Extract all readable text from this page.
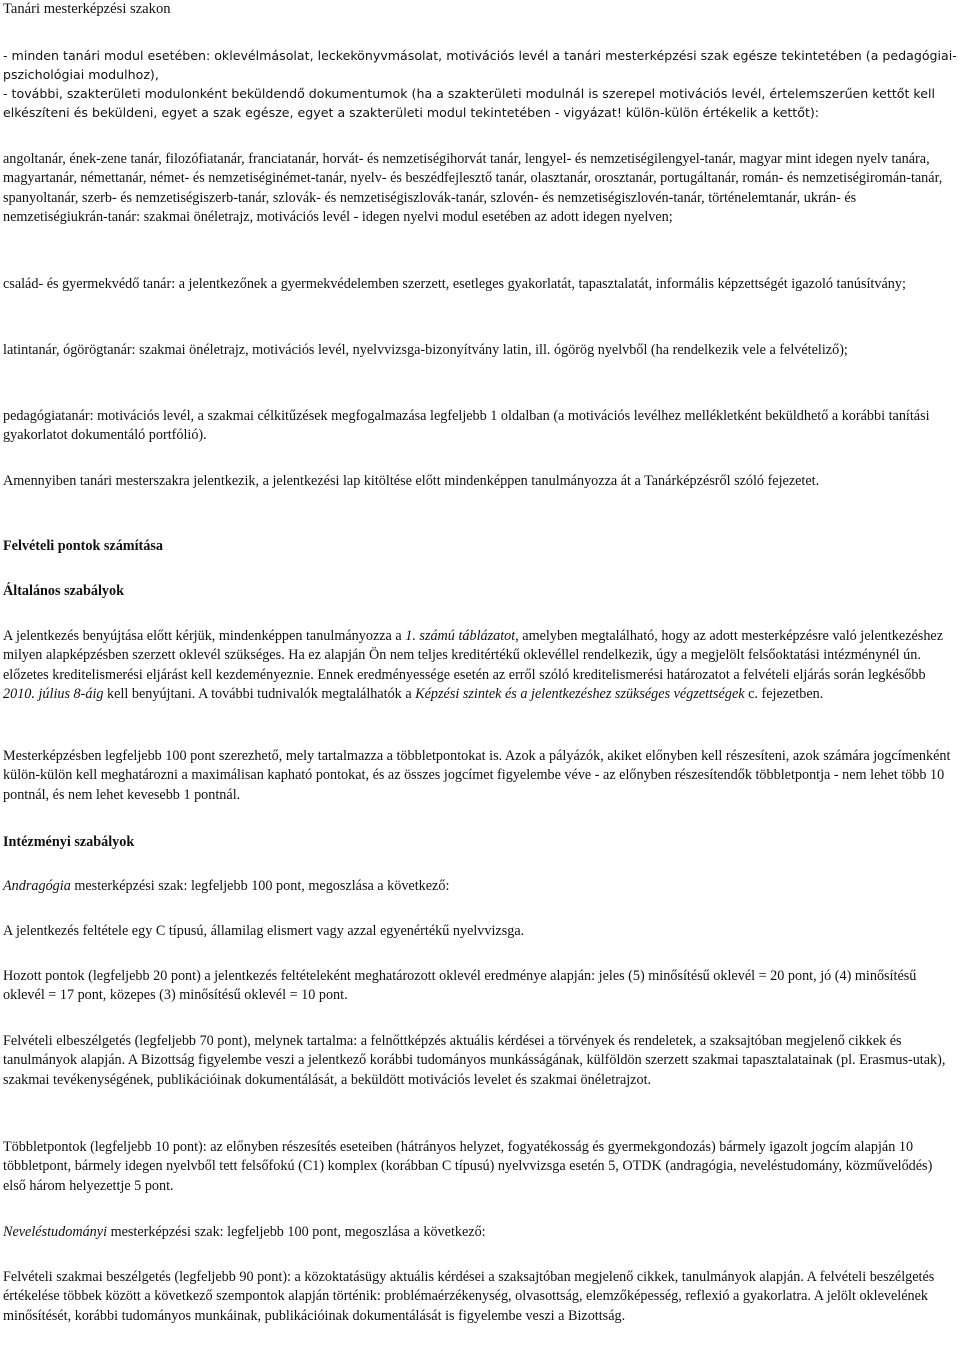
Tanári mesterképzési szakon

- minden tanári modul esetében: oklevélmásolat, leckekönyvmásolat, motivációs levél a tanári mesterképzési szak egésze tekintetében (a pedagógiai-pszichológiai modulhoz),

- további, szakterületi modulonként beküldendő dokumentumok (ha a szakterületi modulnál is szerepel motivációs levél, értelemszerűen kettőt kell elkészíteni és beküldeni, egyet a szak egésze, egyet a szakterületi modul tekintetében - vigyázat! külön-külön értékelik a kettőt):

angoltanár, ének-zene tanár, filozófiatanár, franciatanár, horvát- és nemzetiségihorvát tanár, lengyel- és nemzetiségilengyel-tanár, magyar mint idegen nyelv tanára, magyartanár, némettanár, német- és nemzetiséginémet-tanár, nyelv- és beszédfejlesztő tanár, olasztanár, orosztanár, portugáltanár, román- és nemzetiségiromán-tanár, spanyoltanár, szerb- és nemzetiségiszerb-tanár, szlovák- és nemzetiségiszlovák-tanár, szlovén- és nemzetiségiszlovén-tanár, történelemtanár, ukrán- és nemzetiségiukrán-tanár: szakmai önéletrajz, motivációs levél - idegen nyelvi modul esetében az adott idegen nyelven;

család- és gyermekvédő tanár: a jelentkezőnek a gyermekvédelemben szerzett, esetleges gyakorlatát, tapasztalatát, informális képzettségét igazoló tanúsítvány;

latintanár, ógörögtanár: szakmai önéletrajz, motivációs levél, nyelvvizsga-bizonyítvány latin, ill. ógörög nyelvből (ha rendelkezik vele a felvételiző);

pedagógiatanár: motivációs levél, a szakmai célkitűzések megfogalmazása legfeljebb 1 oldalban (a motivációs levélhez mellékletként beküldhető a korábbi tanítási gyakorlatot dokumentáló portfólió).

Amennyiben tanári mesterszakra jelentkezik, a jelentkezési lap kitöltése előtt mindenképpen tanulmányozza át a Tanárképzésről szóló fejezetet.

Felvételi pontok számítása

Általános szabályok

A jelentkezés benyújtása előtt kérjük, mindenképpen tanulmányozza a 1. számú táblázatot, amelyben megtalálható, hogy az adott mesterképzésre való jelentkezéshez milyen alapképzésben szerzett oklevél szükséges. Ha ez alapján Ön nem teljes kreditértékű oklevéllel rendelkezik, úgy a megjelölt felsőoktatási intézménynél ún. előzetes kreditelismerési eljárást kell kezdeményeznie. Ennek eredményessége esetén az erről szóló kreditelismerési határozatot a felvételi eljárás során legkésőbb 2010. július 8-áig kell benyújtani. A további tudnivalók megtalálhatók a Képzési szintek és a jelentkezéshez szükséges végzettségek c. fejezetben.

Mesterképzésben legfeljebb 100 pont szerezhető, mely tartalmazza a többletpontokat is. Azok a pályázók, akiket előnyben kell részesíteni, azok számára jogcímenként külön-külön kell meghatározni a maximálisan kapható pontokat, és az összes jogcímet figyelembe véve - az előnyben részesítendők többletpontja - nem lehet több 10 pontnál, és nem lehet kevesebb 1 pontnál.

Intézményi szabályok

Andragógia mesterképzési szak: legfeljebb 100 pont, megoszlása a következő:

A jelentkezés feltétele egy C típusú, államilag elismert vagy azzal egyenértékű nyelvvizsga.

Hozott pontok (legfeljebb 20 pont) a jelentkezés feltételeként meghatározott oklevél eredménye alapján: jeles (5) minősítésű oklevél = 20 pont, jó (4) minősítésű oklevél = 17 pont, közepes (3) minősítésű oklevél = 10 pont.

Felvételi elbeszélgetés (legfeljebb 70 pont), melynek tartalma: a felnőttképzés aktuális kérdései a törvények és rendeletek, a szaksajtóban megjelenő cikkek és tanulmányok alapján. A Bizottság figyelembe veszi a jelentkező korábbi tudományos munkásságának, külföldön szerzett szakmai tapasztalatainak (pl. Erasmus-utak), szakmai tevékenységének, publikációinak dokumentálását, a beküldött motivációs levelet és szakmai önéletrajzot.

Többletpontok (legfeljebb 10 pont): az előnyben részesítés eseteiben (hátrányos helyzet, fogyatékosság és gyermekgondozás) bármely igazolt jogcím alapján 10 többletpont, bármely idegen nyelvből tett felsőfokú (C1) komplex (korábban C típusú) nyelvvizsga esetén 5, OTDK (andragógia, neveléstudomány, közművelődés) első három helyezettje 5 pont.

Neveléstudományi mesterképzési szak: legfeljebb 100 pont, megoszlása a következő:

Felvételi szakmai beszélgetés (legfeljebb 90 pont): a közoktatásügy aktuális kérdései a szaksajtóban megjelenő cikkek, tanulmányok alapján. A felvételi beszélgetés értékelése többek között a következő szempontok alapján történik: problémaérzékenység, olvasottság, elemzőképesség, reflexió a gyakorlatra. A jelölt oklevelének minősítését, korábbi tudományos munkáinak, publikációinak dokumentálását is figyelembe veszi a Bizottság.
